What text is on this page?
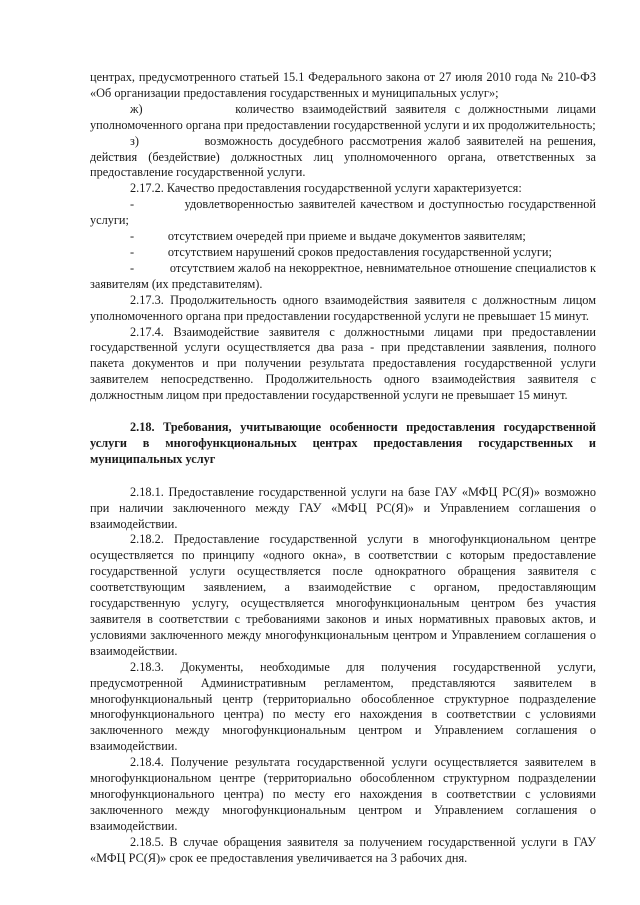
центрах, предусмотренного статьей 15.1 Федерального закона от 27 июля 2010 года № 210-ФЗ «Об организации предоставления государственных и муниципальных услуг»;

ж)           количество взаимодействий заявителя с должностными лицами уполномоченного органа при предоставлении государственной услуги и их продолжительность;

з)           возможность досудебного рассмотрения жалоб заявителей на решения, действия (бездействие) должностных лиц уполномоченного органа, ответственных за предоставление государственной услуги.

2.17.2. Качество предоставления государственной услуги характеризуется:

-           удовлетворенностью заявителей качеством и доступностью государственной услуги;

-           отсутствием очередей при приеме и выдаче документов заявителям;

-           отсутствием нарушений сроков предоставления государственной услуги;

-           отсутствием жалоб на некорректное, невнимательное отношение специалистов к заявителям (их представителям).

2.17.3. Продолжительность одного взаимодействия заявителя с должностным лицом уполномоченного органа при предоставлении государственной услуги не превышает 15 минут.

2.17.4. Взаимодействие заявителя с должностными лицами при предоставлении государственной услуги осуществляется два раза - при представлении заявления, полного пакета документов и при получении результата предоставления государственной услуги заявителем непосредственно. Продолжительность одного взаимодействия заявителя с должностным лицом при предоставлении государственной услуги не превышает 15 минут.

2.18. Требования, учитывающие особенности предоставления государственной услуги в многофункциональных центрах предоставления государственных и муниципальных услуг

2.18.1. Предоставление государственной услуги на базе ГАУ «МФЦ РС(Я)» возможно при наличии заключенного между ГАУ «МФЦ РС(Я)» и Управлением соглашения о взаимодействии.

2.18.2. Предоставление государственной услуги в многофункциональном центре осуществляется по принципу «одного окна», в соответствии с которым предоставление государственной услуги осуществляется после однократного обращения заявителя с соответствующим заявлением, а взаимодействие с органом, предоставляющим государственную услугу, осуществляется многофункциональным центром без участия заявителя в соответствии с требованиями законов и иных нормативных правовых актов, и условиями заключенного между многофункциональным центром и Управлением соглашения о взаимодействии.

2.18.3. Документы, необходимые для получения государственной услуги, предусмотренной Административным регламентом, представляются заявителем в многофункциональный центр (территориально обособленное структурное подразделение многофункционального центра) по месту его нахождения в соответствии с условиями заключенного между многофункциональным центром и Управлением соглашения о взаимодействии.

2.18.4. Получение результата государственной услуги осуществляется заявителем в многофункциональном центре (территориально обособленном структурном подразделении многофункционального центра) по месту его нахождения в соответствии с условиями заключенного между многофункциональным центром и Управлением соглашения о взаимодействии.

2.18.5. В случае обращения заявителя за получением государственной услуги в ГАУ «МФЦ РС(Я)» срок ее предоставления увеличивается на 3 рабочих дня.
